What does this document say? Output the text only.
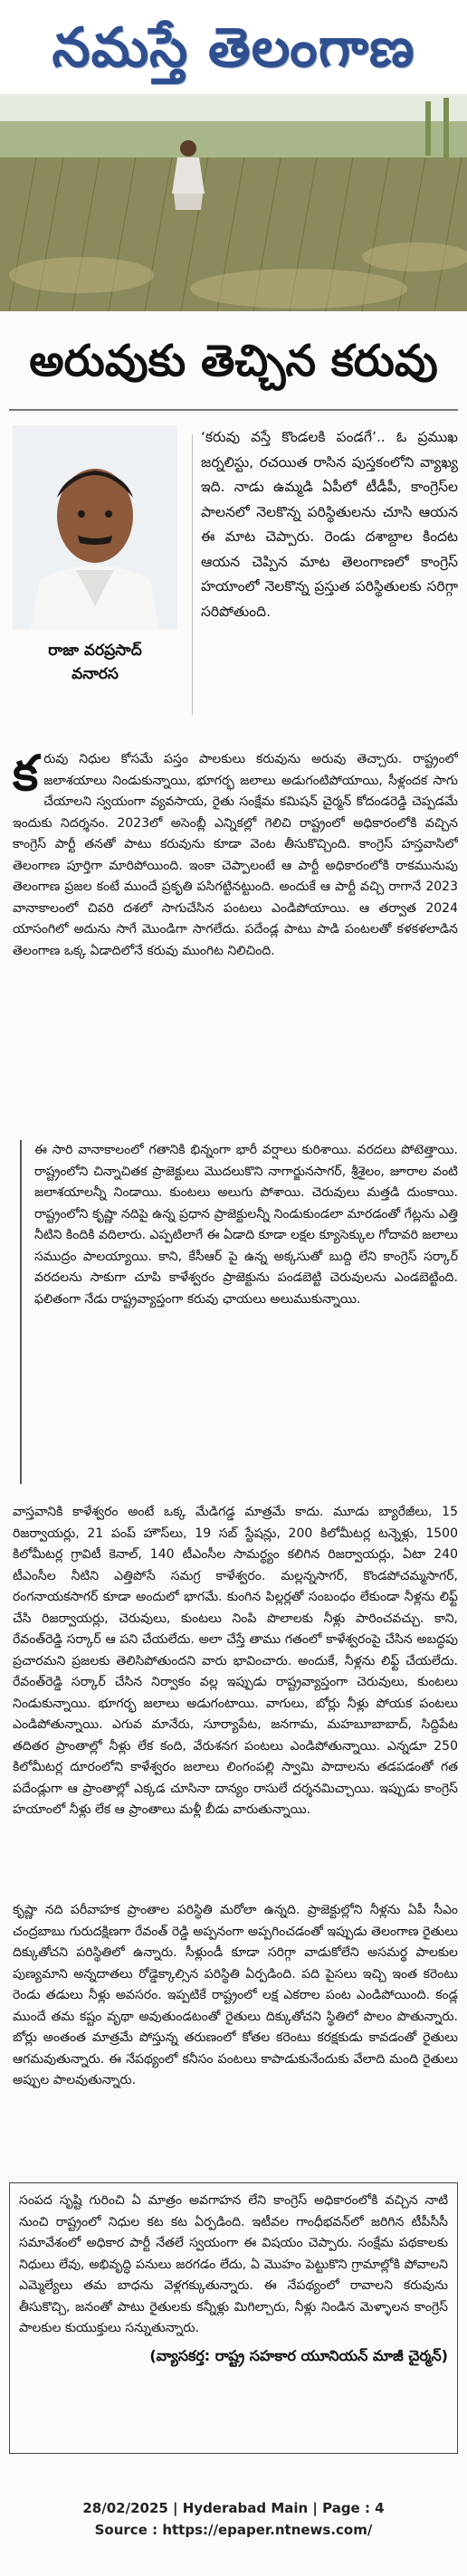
నమస్తే తెలంగాణ
అరువుకు తెచ్చిన కరువు
రాజా వరప్రసాద్
వనారస

‘కరువు వస్తే కొండలకి పండగే’.. ఓ ప్రముఖ జర్నలిస్టు, రచయిత రాసిన పుస్తకంలోని వ్యాఖ్య ఇది. నాడు ఉమ్మడి ఏపీలో టీడీపీ, కాంగ్రెస్‌ల పాలనలో నెలకొన్న పరిస్థితులను చూసి ఆయన ఈ మాట చెప్పారు. రెండు దశాబ్దాల కిందట ఆయన చెప్పిన మాట తెలంగాణలో కాంగ్రెస్ హయాంలో నెలకొన్న ప్రస్తుత పరిస్థితులకు సరిగ్గా సరిపోతుంది.

కరువు నిధుల కోసమే పస్తం పాలకులు కరువును అరువు తెచ్చారు. రాష్ట్రంలో జలాశయాలు నిండుకున్నాయి, భూగర్భ జలాలు అడుగంటిపోయాయి, సీళ్లందక సాగు చేయాలని స్వయంగా వ్యవసాయ, రైతు సంక్షేమ కమిషన్ చైర్మన్ కోదండరెడ్డి చెప్పడమే ఇందుకు నిదర్శనం. 2023లో అసెంబ్లీ ఎన్నికల్లో గెలిచి రాష్ట్రంలో అధికారంలోకి వచ్చిన కాంగ్రెస్ పార్టీ తనతో పాటు కరువును కూడా వెంట తీసుకొచ్చింది. కాంగ్రెస్ హస్తవాసిలో తెలంగాణ పూర్తిగా మారిపోయింది. ఇంకా చెప్పాలంటే ఆ పార్టీ అధికారంలోకి రాకమునుపు తెలంగాణ ప్రజల కంటే ముందే ప్రకృతి పసిగట్టినట్టుంది. అందుకే ఆ పార్టీ వచ్చి రాగానే 2023 వానాకాలంలో చివరి దశలో సాగుచేసిన పంటలు ఎండిపోయాయి. ఆ తర్వాత 2024 యాసంగిలో అదును సాగే మొండిగా సాగలేదు. పదేండ్ల పాటు పాడి పంటలతో కళకళలాడిన తెలంగాణ ఒక్క ఏడాదిలోనే కరువు ముంగిట నిలిచింది.

ఈ సారి వానాకాలంలో గతానికి భిన్నంగా భారీ వర్షాలు కురిశాయి. వరదలు పోటెత్తాయి. రాష్ట్రంలోని చిన్నాచితక ప్రాజెక్టులు మొదలుకొని నాగార్జునసాగర్, శ్రీశైలం, జూరాల వంటి జలాశయాలన్నీ నిండాయి. కుంటలు అలుగు పోశాయి. చెరువులు మత్తడి దుంకాయి. రాష్ట్రంలోని కృష్ణా నదిపై ఉన్న ప్రధాన ప్రాజెక్టులన్నీ నిండుకుండలా మారడంతో గేట్లను ఎత్తి నీటిని కిందికి వదిలారు. ఎప్పటిలాగే ఈ ఏడాది కూడా లక్షల క్యూసెక్కుల గోదావరి జలాలు సముద్రం పాలయ్యాయి. కాని, కేసీఆర్ పై ఉన్న అక్కసుతో బుద్ది లేని కాంగ్రెస్ సర్కార్ వరదలను సాకుగా చూపి కాళేశ్వరం ప్రాజెక్టును పండబెట్టి చెరువులను ఎండబెట్టింది. ఫలితంగా నేడు రాష్ట్రవ్యాప్తంగా కరువు ఛాయలు అలుముకున్నాయి.

వాస్తవానికి కాళేశ్వరం అంటే ఒక్క మేడిగడ్డ మాత్రమే కాదు. మూడు బ్యారేజీలు, 15 రిజర్వాయర్లు, 21 పంప్ హౌస్‌లు, 19 సబ్ స్టేషన్లు, 200 కిలోమీటర్ల టన్నెళ్లు, 1500 కిలోమీటర్ల గ్రావిటీ కెనాల్, 140 టీఎంసీల సామర్థ్యం కలిగిన రిజర్వాయర్లు, ఏటా 240 టీఎంసీల నీటిని ఎత్తిపోసే సమగ్ర కాళేశ్వరం. మల్లన్నసాగర్, కొండపోచమ్మసాగర్, రంగనాయకసాగర్ కూడా అందులో భాగమే. కుంగిన పిల్లర్లతో సంబంధం లేకుండా నీళ్లను లిఫ్ట్ చేసి రిజర్వాయర్లు, చెరువులు, కుంటలు నింపి పొలాలకు నీళ్లు పారించవచ్చు. కాని, రేవంత్‌రెడ్డి సర్కార్ ఆ పని చేయలేదు. అలా చేస్తే తాము గతంలో కాళేశ్వరంపై చేసిన అబద్ధపు ప్రచారమని ప్రజలకు తెలిసిపోతుందని వారు భావించారు. అందుకే, నీళ్లను లిఫ్ట్ చేయలేదు. రేవంత్‌రెడ్డి సర్కార్ చేసిన నిర్వాకం వల్ల ఇప్పుడు రాష్ట్రవ్యాప్తంగా చెరువులు, కుంటలు నిండుకున్నాయి. భూగర్భ జలాలు అడుగంటాయి. వాగులు, బోర్లు నీళ్లు పోయక పంటలు ఎండిపోతున్నాయి. ఎగువ మానేరు, సూర్యాపేట, జనగామ, మహబూబాబాద్, సిద్దిపేట తదితర ప్రాంతాల్లో నీళ్లు లేక కంది, వేరుశనగ పంటలు ఎండిపోతున్నాయి. ఎన్నడూ 250 కిలోమీటర్ల దూరంలోని కాళేశ్వరం జలాలు లింగంపల్లి స్వామి పాదాలను తడపడంతో గత పదేండ్లుగా ఆ ప్రాంతాల్లో ఎక్కడ చూసినా దాన్యం రాసులే దర్శనమిచ్చాయి. ఇప్పుడు కాంగ్రెస్ హయాంలో నీళ్లు లేక ఆ ప్రాంతాలు మళ్లీ బీడు వారుతున్నాయి.

కృష్ణా నది పరీవాహక ప్రాంతాల పరిస్థితి మరోలా ఉన్నది. ప్రాజెక్టుల్లోని నీళ్లను ఏపీ సీఎం చంద్రబాబు గురుదక్షిణగా రేవంత్ రెడ్డి అప్పనంగా అప్పగించడంతో ఇప్పుడు తెలంగాణ రైతులు దిక్కుతోచని పరిస్థితిలో ఉన్నారు. సీళ్లుండీ కూడా సరిగ్గా వాడుకోలేని అసమర్థ పాలకుల పుణ్యమాని అన్నదాతలు రోడ్డెక్కాల్సిన పరిస్థితి ఏర్పడింది. పది పైసలు ఇచ్చి ఇంత కరెంటు రెండు తడులు నీళ్లు అవసరం. ఇప్పటికే రాష్ట్రంలో లక్ష ఎకరాల పంట ఎండిపోయింది. కండ్ల ముందే తమ కష్టం వృథా అవుతుండటంతో రైతులు దిక్కుతోచని స్థితిలో పొలం పొతున్నారు. బోర్లు అంతంత మాత్రమే పోస్తున్న తరుణంలో కోతల కరెంటు కరక్షకుడు కావడంతో రైతులు ఆగమవుతున్నారు. ఈ నేపథ్యంలో కనీసం పంటలు కాపాడుకునేందుకు వేలాది మంది రైతులు అప్పుల పాలవుతున్నారు.

సంపద సృష్టి గురించి ఏ మాత్రం అవగాహన లేని కాంగ్రెస్ అధికారంలోకి వచ్చిన నాటి నుంచి రాష్ట్రంలో నిధుల కట కట ఏర్పడింది. ఇటీవల గాంధీభవన్‌లో జరిగిన టీపీసీసీ సమావేశంలో అధికార పార్టీ నేతలే స్వయంగా ఈ విషయం చెప్పారు. సంక్షేమ పథకాలకు నిధులు లేవు, అభివృద్ధి పనులు జరగడం లేదు, ఏ మొహం పెట్టుకొని గ్రామాల్లోకి పోవాలని ఎమ్మెల్యేలు తమ బాధను వెళ్లగక్కుతున్నారు. ఈ నేపథ్యంలో రావాలని కరువును తీసుకొచ్చి, జనంతో పాటు రైతులకు కన్నీళ్లు మిగిల్చారు, నీళ్లు నిండిన మెళ్ళాలన కాంగ్రెస్ పాలకుల కుయుక్తులు సన్నుతున్నారు.

(వ్యాసకర్త: రాష్ట్ర సహకార యూనియన్ మాజీ చైర్మన్)
28/02/2025 | Hyderabad Main | Page : 4
Source : https://epaper.ntnews.com/
